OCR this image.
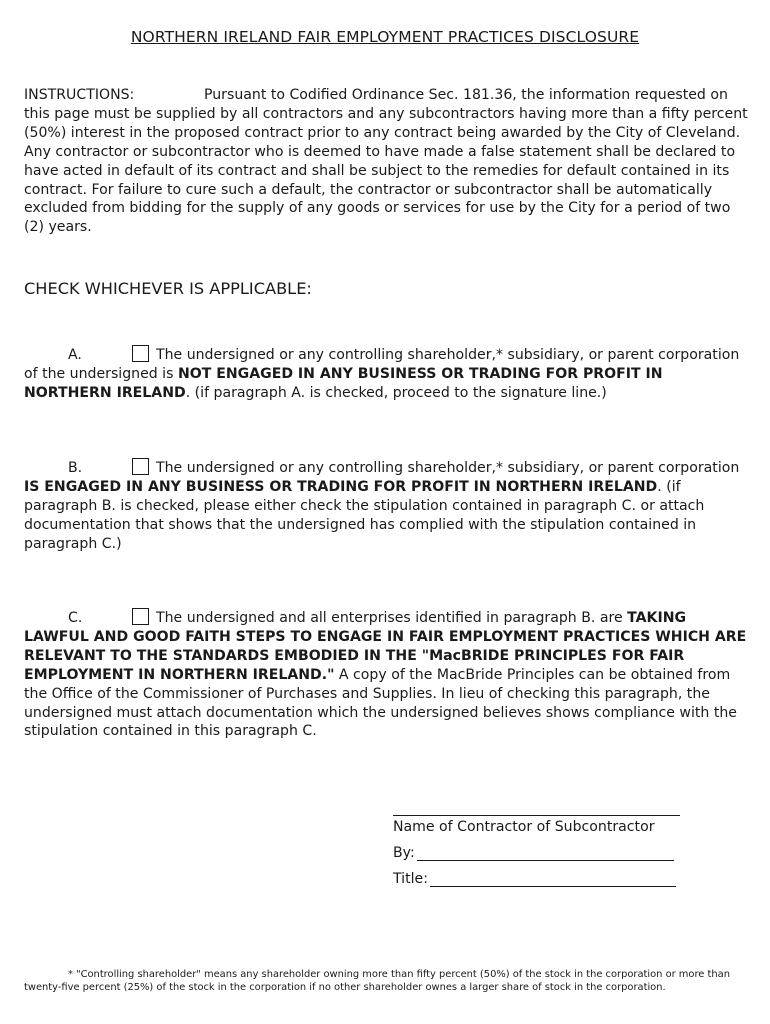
NORTHERN IRELAND FAIR EMPLOYMENT PRACTICES DISCLOSURE
INSTRUCTIONS:	Pursuant to Codified Ordinance Sec. 181.36, the information requested on this page must be supplied by all contractors and any subcontractors having more than a fifty percent (50%) interest in the proposed contract prior to any contract being awarded by the City of Cleveland. Any contractor or subcontractor who is deemed to have made a false statement shall be declared to have acted in default of its contract and shall be subject to the remedies for default contained in its contract. For failure to cure such a default, the contractor or subcontractor shall be automatically excluded from bidding for the supply of any goods or services for use by the City for a period of two (2) years.
CHECK WHICHEVER IS APPLICABLE:
A.	The undersigned or any controlling shareholder,* subsidiary, or parent corporation of the undersigned is NOT ENGAGED IN ANY BUSINESS OR TRADING FOR PROFIT IN NORTHERN IRELAND. (if paragraph A. is checked, proceed to the signature line.)
B.	The undersigned or any controlling shareholder,* subsidiary, or parent corporation IS ENGAGED IN ANY BUSINESS OR TRADING FOR PROFIT IN NORTHERN IRELAND. (if paragraph B. is checked, please either check the stipulation contained in paragraph C. or attach documentation that shows that the undersigned has complied with the stipulation contained in paragraph C.)
C.	The undersigned and all enterprises identified in paragraph B. are TAKING LAWFUL AND GOOD FAITH STEPS TO ENGAGE IN FAIR EMPLOYMENT PRACTICES WHICH ARE RELEVANT TO THE STANDARDS EMBODIED IN THE "MacBRIDE PRINCIPLES FOR FAIR EMPLOYMENT IN NORTHERN IRELAND." A copy of the MacBride Principles can be obtained from the Office of the Commissioner of Purchases and Supplies. In lieu of checking this paragraph, the undersigned must attach documentation which the undersigned believes shows compliance with the stipulation contained in this paragraph C.
Name of Contractor of Subcontractor
By:
Title:
* "Controlling shareholder" means any shareholder owning more than fifty percent (50%) of the stock in the corporation or more than twenty-five percent (25%) of the stock in the corporation if no other shareholder ownes a larger share of stock in the corporation.
